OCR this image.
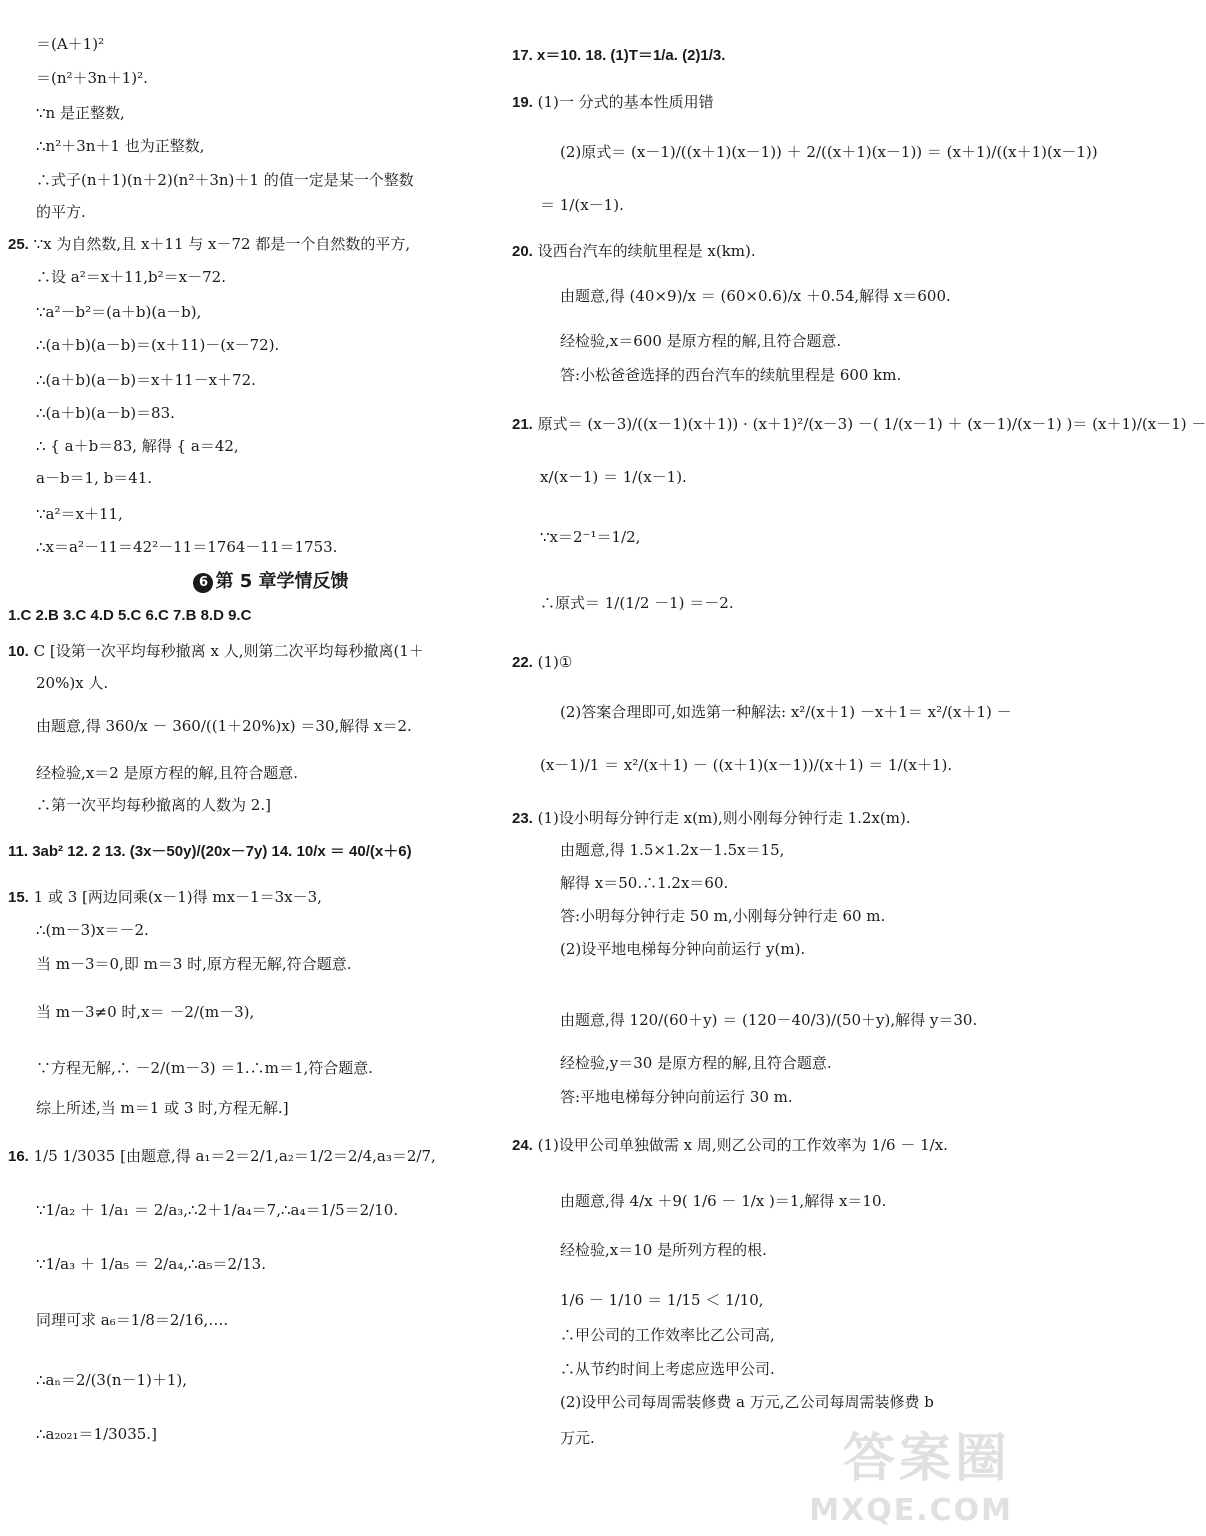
＝(A＋1)²
＝(n²＋3n＋1)².
∵n 是正整数,
∴n²＋3n＋1 也为正整数,
∴式子(n＋1)(n＋2)(n²＋3n)＋1 的值一定是某一个整数
的平方.
25. ∵x 为自然数,且 x＋11 与 x－72 都是一个自然数的平方,
∴设 a²＝x＋11,b²＝x－72.
∵a²－b²＝(a＋b)(a－b),
∴(a＋b)(a－b)＝(x＋11)－(x－72).
∴(a＋b)(a－b)＝x＋11－x＋72.
∴(a＋b)(a－b)＝83.
∴ { a＋b＝83, 解得 { a＝42,
a－b＝1, b＝41.
∵a²＝x＋11,
∴x＝a²－11＝42²－11＝1764－11＝1753.
6 第 5 章学情反馈
1.C 2.B 3.C 4.D 5.C 6.C 7.B 8.D 9.C
10. C [设第一次平均每秒撤离 x 人,则第二次平均每秒撤离(1＋
20%)x 人.
由题意,得 360/x － 360/((1＋20%)x) ＝30,解得 x＝2.
经检验,x＝2 是原方程的解,且符合题意.
∴第一次平均每秒撤离的人数为 2.]
11. 3ab² 12. 2 13. (3x－50y)/(20x－7y) 14. 10/x ＝ 40/(x＋6)
15. 1 或 3 [两边同乘(x－1)得 mx－1＝3x－3,
∴(m－3)x＝－2.
当 m－3＝0,即 m＝3 时,原方程无解,符合题意.
当 m－3≠0 时,x＝ －2/(m－3),
∵方程无解,∴ －2/(m－3) ＝1.∴m＝1,符合题意.
综上所述,当 m＝1 或 3 时,方程无解.]
16. 1/5 1/3035 [由题意,得 a₁＝2＝2/1,a₂＝1/2＝2/4,a₃＝2/7,
∵1/a₂ ＋ 1/a₁ ＝ 2/a₃,∴2＋1/a₄＝7,∴a₄＝1/5＝2/10.
∵1/a₃ ＋ 1/a₅ ＝ 2/a₄,∴a₅＝2/13.
同理可求 a₆＝1/8＝2/16,….
∴aₙ＝2/(3(n－1)＋1),
∴a₂₀₂₁＝1/3035.]
17. x＝10. 18. (1)T＝1/a. (2)1/3.
19. (1)一 分式的基本性质用错
(2)原式＝ (x－1)/((x＋1)(x－1)) ＋ 2/((x＋1)(x－1)) ＝ (x＋1)/((x＋1)(x－1))
＝ 1/(x－1).
20. 设西台汽车的续航里程是 x(km).
由题意,得 (40×9)/x ＝ (60×0.6)/x ＋0.54,解得 x＝600.
经检验,x＝600 是原方程的解,且符合题意.
答:小松爸爸选择的西台汽车的续航里程是 600 km.
21. 原式＝ (x－3)/((x－1)(x＋1)) · (x＋1)²/(x－3) －( 1/(x－1) ＋ (x－1)/(x－1) )＝ (x＋1)/(x－1) －
x/(x－1) ＝ 1/(x－1).
∵x＝2⁻¹＝1/2,
∴原式＝ 1/(1/2 －1) ＝－2.
22. (1)①
(2)答案合理即可,如选第一种解法: x²/(x＋1) －x＋1＝ x²/(x＋1) －
(x－1)/1 ＝ x²/(x＋1) － ((x＋1)(x－1))/(x＋1) ＝ 1/(x＋1).
23. (1)设小明每分钟行走 x(m),则小刚每分钟行走 1.2x(m).
由题意,得 1.5×1.2x－1.5x＝15,
解得 x＝50.∴1.2x＝60.
答:小明每分钟行走 50 m,小刚每分钟行走 60 m.
(2)设平地电梯每分钟向前运行 y(m).
由题意,得 120/(60＋y) ＝ (120－40/3)/(50＋y),解得 y＝30.
经检验,y＝30 是原方程的解,且符合题意.
答:平地电梯每分钟向前运行 30 m.
24. (1)设甲公司单独做需 x 周,则乙公司的工作效率为 1/6 － 1/x.
由题意,得 4/x ＋9( 1/6 － 1/x )＝1,解得 x＝10.
经检验,x＝10 是所列方程的根.
1/6 － 1/10 ＝ 1/15 ＜ 1/10,
∴甲公司的工作效率比乙公司高,
∴从节约时间上考虑应选甲公司.
(2)设甲公司每周需装修费 a 万元,乙公司每周需装修费 b
万元.	答案圈
MXQE.COM
